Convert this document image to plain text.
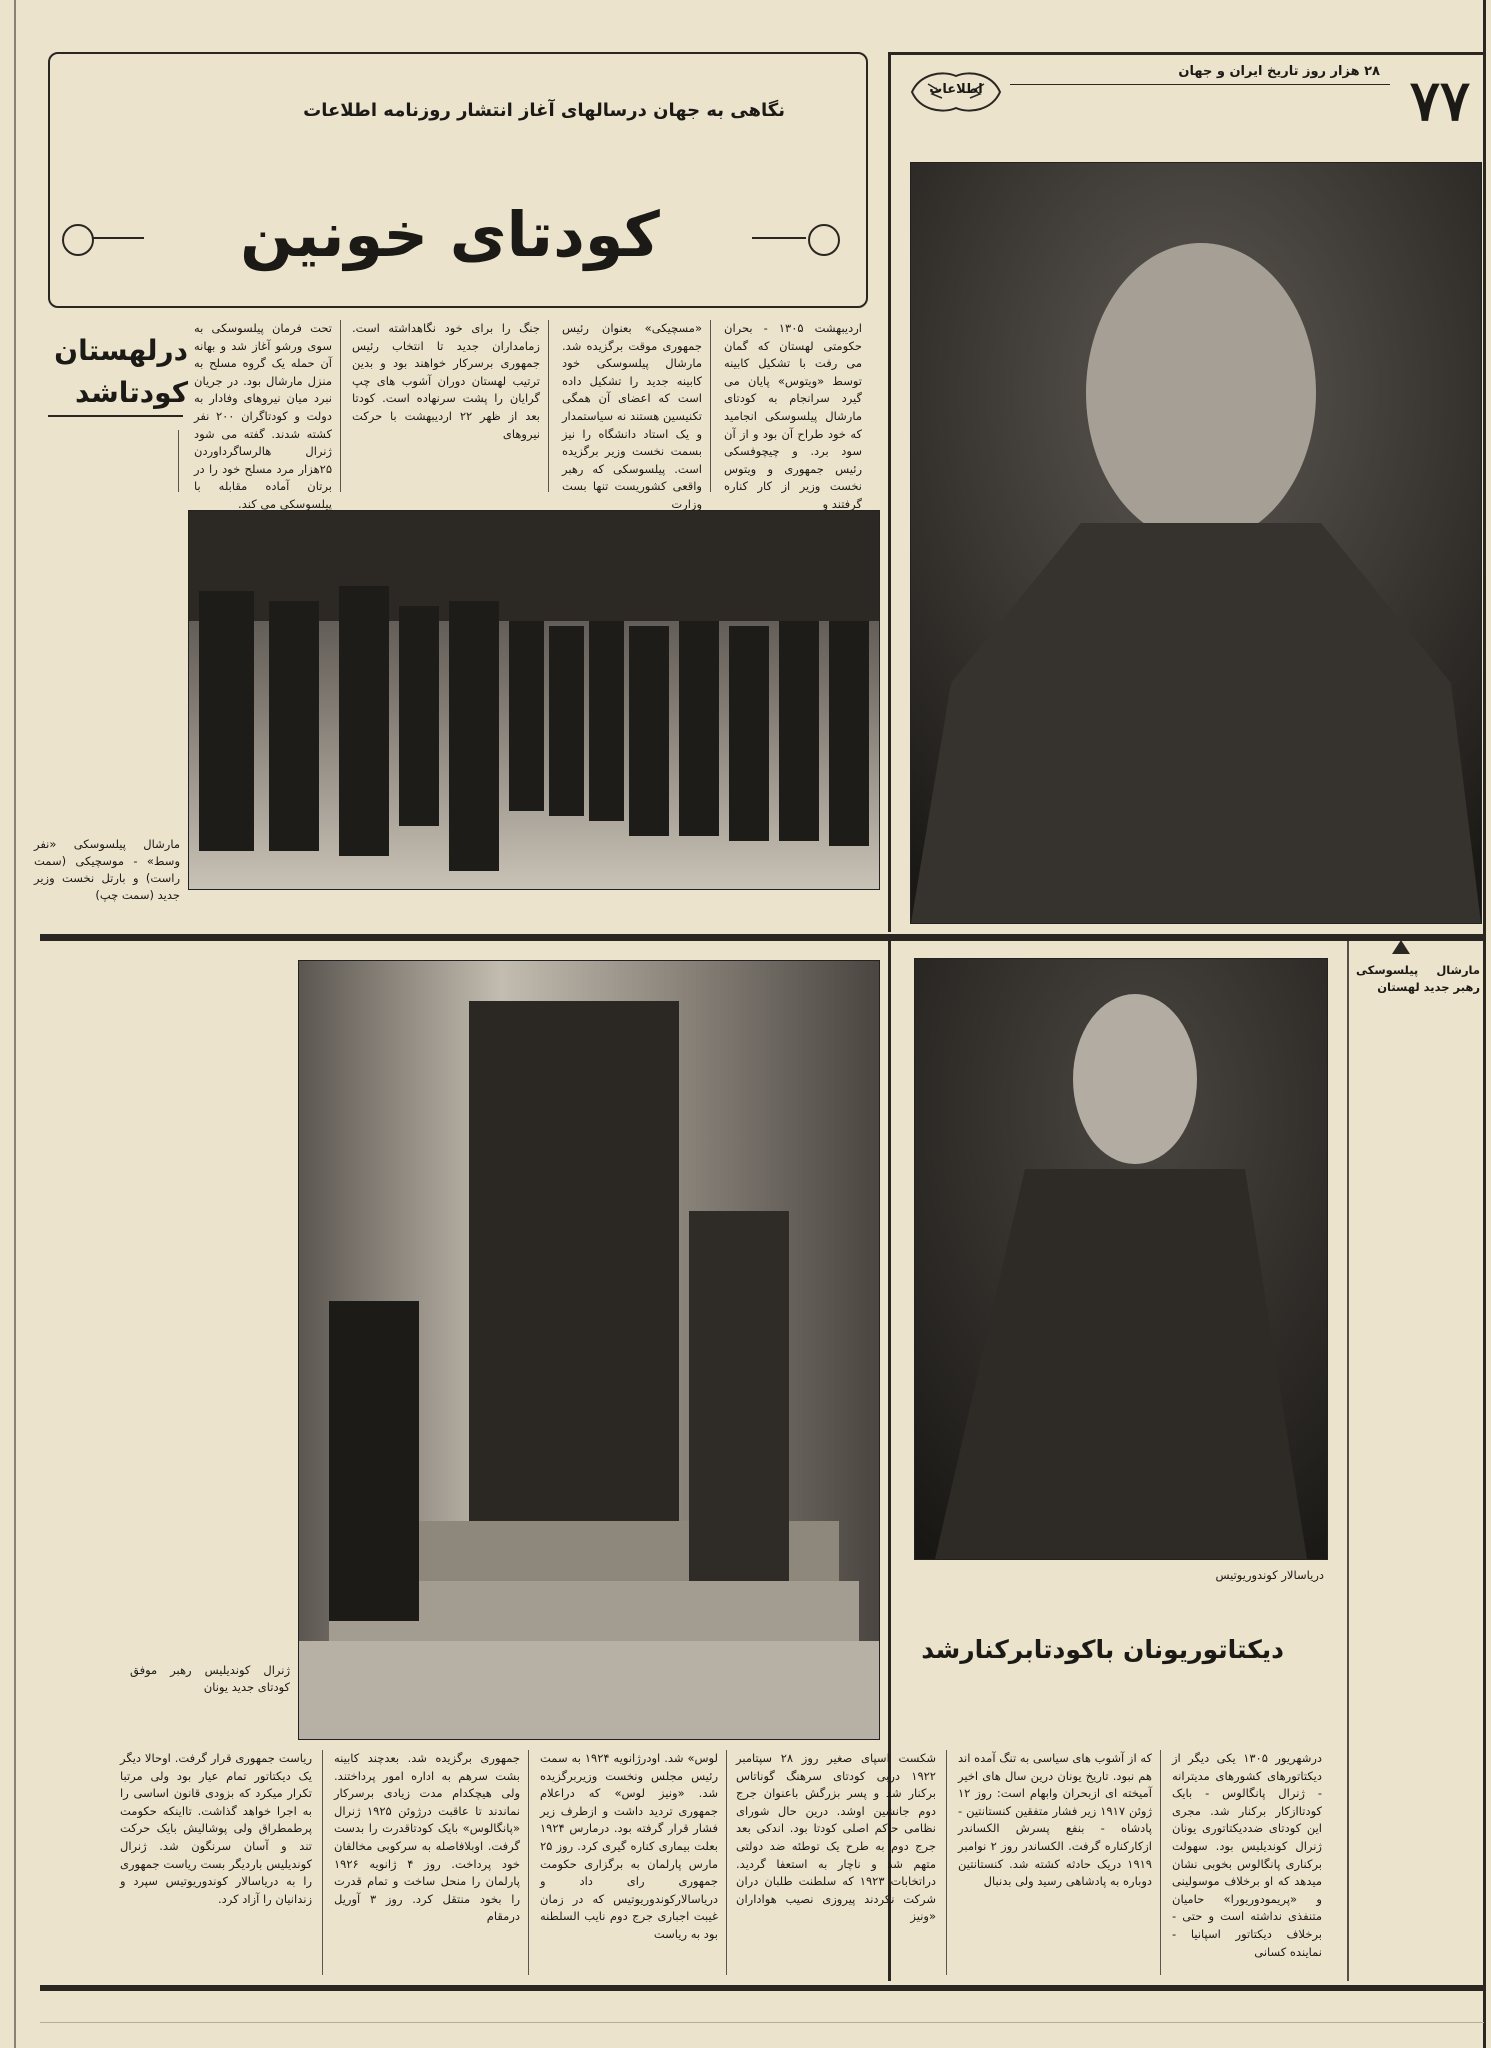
۷۷
۲۸ هزار روز تاریخ ایران و جهان
اطلاعات
نگاهی به جهان درسالهای آغاز انتشار روزنامه اطلاعات
کودتای خونین
درلهستان
کودتاشد
اردیبهشت ۱۳۰۵ - بحران حکومتی لهستان که گمان می رفت با تشکیل کابینه توسط «ویتوس» پایان می گیرد سرانجام به کودتای مارشال پیلسوسکی انجامید که خود طراح آن بود و از آن سود برد. و چیچوفسکی رئیس جمهوری و ویتوس نخست وزیر از کار کناره گرفتند و
«مسچیکی» بعنوان رئیس جمهوری موقت برگزیده شد. مارشال پیلسوسکی خود کابینه جدید را تشکیل داده است که اعضای آن همگی تکنیسین هستند نه سیاستمدار و یک استاد دانشگاه را نیز بسمت نخست وزیر برگزیده است. پیلسوسکی که رهبر واقعی کشوریست تنها بست وزارت
جنگ را برای خود نگاهداشته است. زمامداران جدید تا انتخاب رئیس جمهوری برسرکار خواهند بود و بدین ترتیب لهستان دوران آشوب های چپ گرایان را پشت سرنهاده است. کودتا بعد از ظهر ۲۲ اردیبهشت با حرکت نیروهای
تحت فرمان پیلسوسکی به سوی ورشو آغاز شد و بهانه آن حمله یک گروه مسلح به منزل مارشال بود. در جریان نبرد میان نیروهای وفادار به دولت و کودتاگران ۲۰۰ نفر کشته شدند. گفته می شود ژنرال هالرساگرداوردن ۲۵هزار مرد مسلح خود را در برتان آماده مقابله با پیلسوسکی می کند.
مارشال پیلسوسکی «نفر وسط» - موسچیکی (سمت راست) و بارتل نخست وزیر جدید (سمت چپ)
مارشال پیلسوسکی رهبر جدید لهستان
ژنرال کوندیلیس رهبر موفق کودتای جدید یونان
دریاسالار کوندوریوتیس
دیکتاتوریونان باکودتابرکنارشد
درشهریور ۱۳۰۵ یکی دیگر از دیکتاتورهای کشورهای مدیترانه - ژنرال پانگالوس - بایک کودتاازکار برکنار شد. مجری این کودتای ضددیکتاتوری یونان ژنرال کوندیلیس بود. سهولت برکناری پانگالوس بخوبی نشان میدهد که او برخلاف موسولینی و «پریمودوریورا» حامیان متنفذی نداشته است و حتی - برخلاف دیکتاتور اسپانیا - نماینده کسانی
که از آشوب های سیاسی به تنگ آمده اند هم نبود. تاریخ یونان درین سال های اخیر آمیخته ای ازبحران وابهام است: روز ۱۲ ژوئن ۱۹۱۷ زیر فشار متفقین کنستانتین - پادشاه - بنفع پسرش الکساندر ازکارکناره گرفت. الکساندر روز ۲ نوامبر ۱۹۱۹ دریک حادثه کشته شد. کنستانتین دوباره به پادشاهی رسید ولی بدنبال
شکست اسپای صغیر روز ۲۸ سپتامبر ۱۹۲۲ دربی کودتای سرهنگ گوناتاس برکنار شد و پسر بزرگش باعنوان جرج دوم جانشین اوشد. درین حال شورای نظامی حاکم اصلی کودتا بود. اندکی بعد جرج دوم به طرح یک توطئه ضد دولتی متهم شد و ناچار به استعفا گردید. دراتخابات ۱۹۲۳ که سلطنت طلبان دران شرکت نکردند پیروزی نصیب هواداران «ونیز
لوس» شد. اودرژانویه ۱۹۲۴ به سمت رئیس مجلس ونخست وزیربرگزیده شد. «ونیز لوس» که دراعلام جمهوری تردید داشت و ازطرف زیر فشار قرار گرفته بود. درمارس ۱۹۲۴ بعلت بیماری کناره گیری کرد. روز ۲۵ مارس پارلمان به برگزاری حکومت جمهوری رای داد و دریاسالارکوندوریوتیس که در زمان غیبت اجباری جرج دوم نایب السلطنه بود به ریاست
جمهوری برگزیده شد. بعدچند کابینه بشت سرهم به اداره امور پرداختند. ولی هیچکدام مدت زیادی برسرکار نماندند تا عاقبت درژوئن ۱۹۲۵ ژنرال «پانگالوس» بایک کودتاقدرت را بدست گرفت. اوبلافاصله به سرکوبی مخالفان خود پرداخت. روز ۴ ژانویه ۱۹۲۶ پارلمان را منحل ساخت و تمام قدرت را بخود منتقل کرد. روز ۳ آوریل درمقام
ریاست جمهوری قرار گرفت. اوحالا دیگر یک دیکتاتور تمام عیار بود ولی مرتبا تکرار میکرد که بزودی قانون اساسی را به اجرا خواهد گذاشت. تااینکه حکومت پرطمطراق ولی پوشالیش بایک حرکت تند و آسان سرنگون شد. ژنرال کوندیلیس باردیگر بست ریاست جمهوری را به دریاسالار کوندوریوتیس سپرد و زندانیان را آزاد کرد.
